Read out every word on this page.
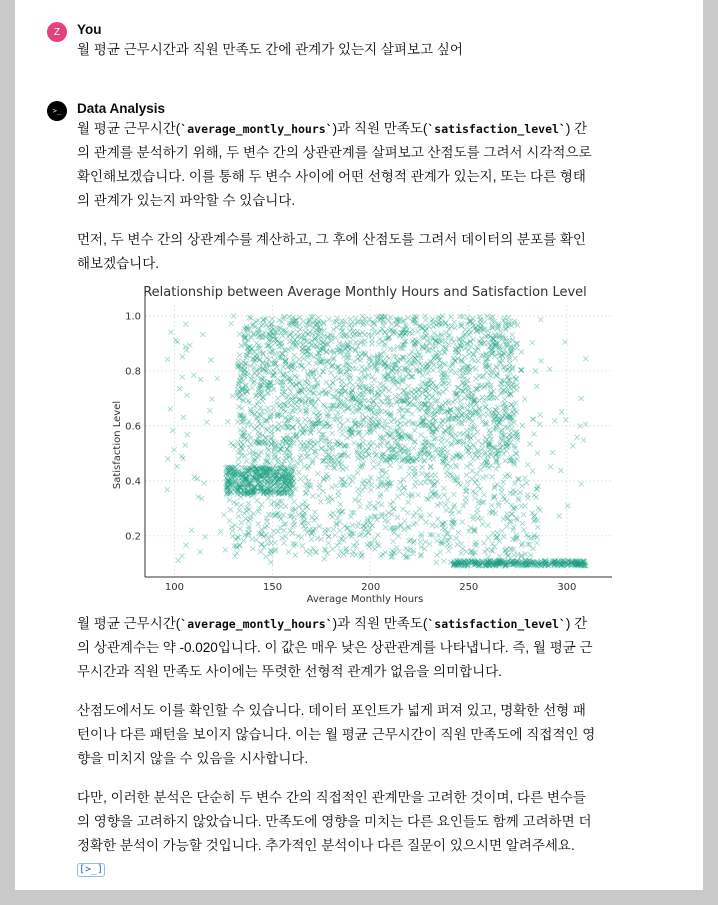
Z	You
월 평균 근무시간과 직원 만족도 간에 관계가 있는지 살펴보고 싶어
>_	Data Analysis

월 평균 근무시간(`average_montly_hours`)과 직원 만족도(`satisfaction_level`) 간의 관계를 분석하기 위해, 두 변수 간의 상관관계를 살펴보고 산점도를 그려서 시각적으로 확인해보겠습니다. 이를 통해 두 변수 사이에 어떤 선형적 관계가 있는지, 또는 다른 형태의 관계가 있는지 파악할 수 있습니다.

먼저, 두 변수 간의 상관계수를 계산하고, 그 후에 산점도를 그려서 데이터의 분포를 확인해보겠습니다.

월 평균 근무시간(`average_montly_hours`)과 직원 만족도(`satisfaction_level`) 간의 상관계수는 약 -0.020입니다. 이 값은 매우 낮은 상관관계를 나타냅니다. 즉, 월 평균 근무시간과 직원 만족도 사이에는 뚜렷한 선형적 관계가 없음을 의미합니다.

산점도에서도 이를 확인할 수 있습니다. 데이터 포인트가 넓게 퍼져 있고, 명확한 선형 패턴이나 다른 패턴을 보이지 않습니다. 이는 월 평균 근무시간이 직원 만족도에 직접적인 영향을 미치지 않을 수 있음을 시사합니다.

다만, 이러한 분석은 단순히 두 변수 간의 직접적인 관계만을 고려한 것이며, 다른 변수들의 영향을 고려하지 않았습니다. 만족도에 영향을 미치는 다른 요인들도 함께 고려하면 더 정확한 분석이 가능할 것입니다. 추가적인 분석이나 다른 질문이 있으시면 알려주세요. [>_]

Relationship between Average Monthly Hours and Satisfaction Level
100	150	200	250	300
0.2
0.4
0.6
0.8
1.0
Average Monthly Hours
Satisfaction Level
